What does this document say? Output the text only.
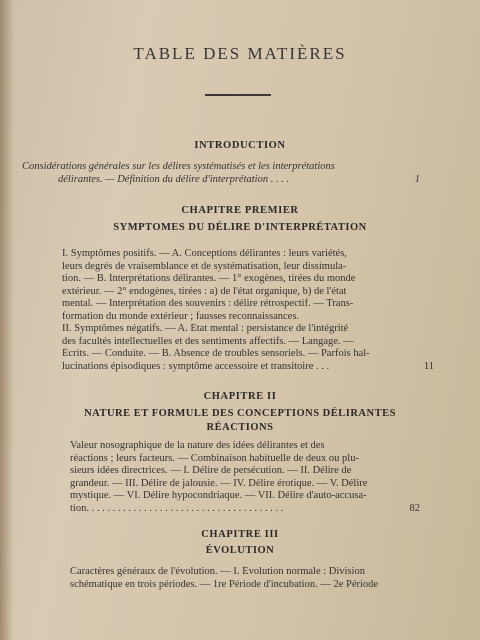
TABLE DES MATIÈRES
INTRODUCTION
Considérations générales sur les délires systématisés et les interprétations
1
délirantes. — Définition du délire d'interprétation . . . .
CHAPITRE PREMIER
SYMPTOMES DU DÉLIRE D'INTERPRÉTATION
I. Symptômes positifs. — A. Conceptions délirantes : leurs variétés,
leurs degrés de vraisemblance et de systématisation, leur dissimula-
tion. — B. Interprétations délirantes. — 1° exogènes, tirées du monde
extérieur. — 2° endogènes, tirées : a) de l'état organique, b) de l'état
mental. — Interprétation des souvenirs : délire rétrospectif. — Trans-
formation du monde extérieur ; fausses reconnaissances.
II. Symptômes négatifs. — A. État mental : persistance de l'intégrité
des facultés intellectuelles et des sentiments affectifs. — Langage. —
Écrits. — Conduite. — B. Absence de troubles sensoriels. — Parfois hal-
11
lucinations épisodiques : symptôme accessoire et transitoire . . .
CHAPITRE II
NATURE ET FORMULE DES CONCEPTIONS DÉLIRANTES
RÉACTIONS
Valeur nosographique de la nature des idées délirantes et des
réactions ; leurs facteurs. — Combinaison habituelle de deux ou plu-
sieurs idées directrices. — I. Délire de persécution. — II. Délire de
grandeur. — III. Délire de jalousie. — IV. Délire érotique. — V. Délire
mystique. — VI. Délire hypocondriaque. — VII. Délire d'auto-accusa-
82
tion. . . . . . . . . . . . . . . . . . . . . . . . . . . . . . . . . . . . . .
CHAPITRE III
ÉVOLUTION
Caractères généraux de l'évolution. — I. Évolution normale : Division
schématique en trois périodes. — 1re Période d'incubation. — 2e Période
